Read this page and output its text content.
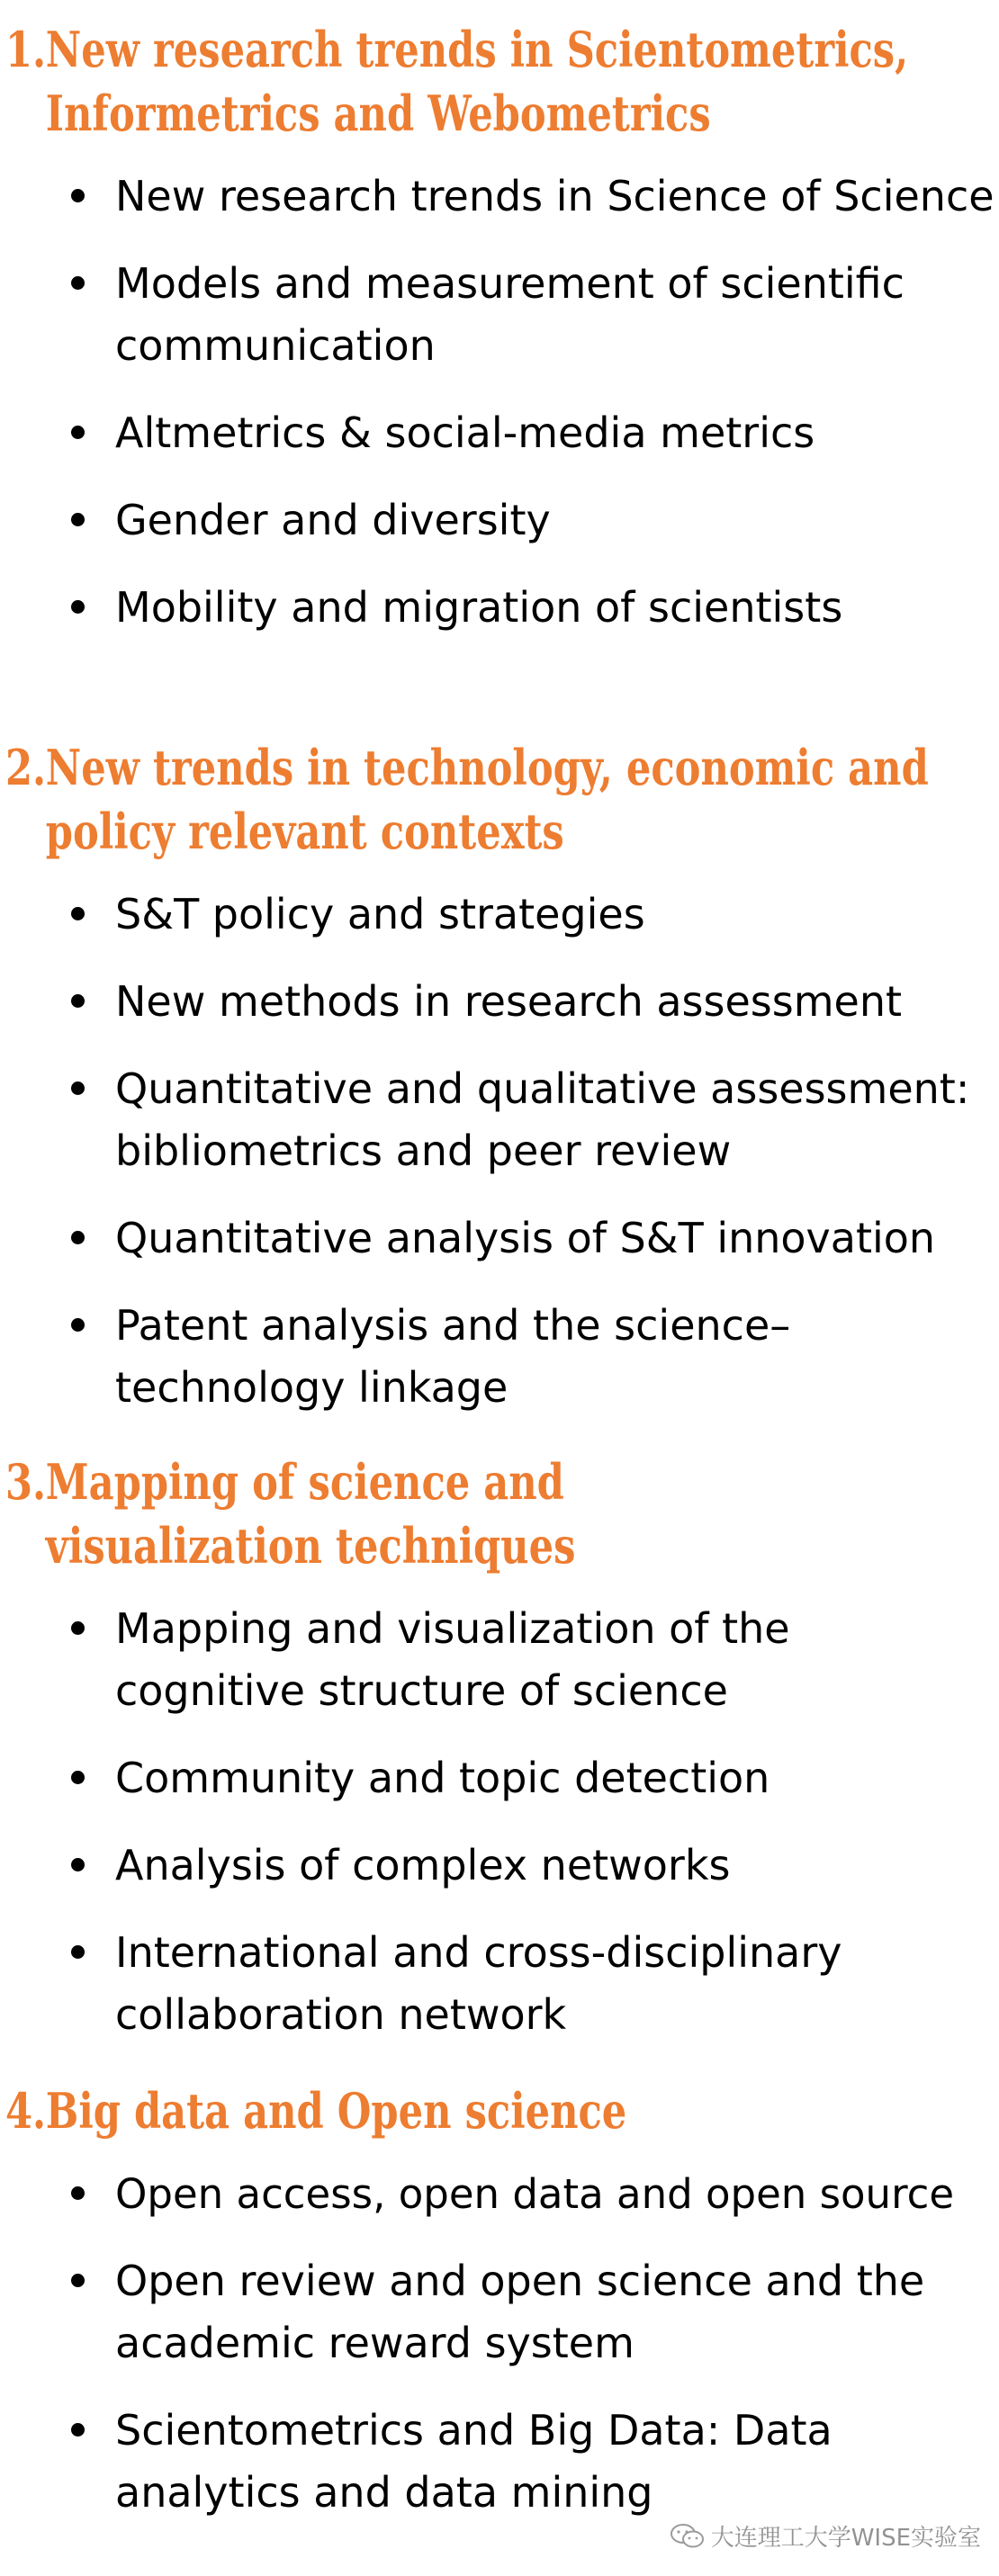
1. New research trends in Scientometrics, Informetrics and Webometrics
New research trends in Science of Science
Models and measurement of scientific communication
Altmetrics & social-media metrics
Gender and diversity
Mobility and migration of scientists
2. New trends in technology, economic and policy relevant contexts
S&T policy and strategies
New methods in research assessment
Quantitative and qualitative assessment: bibliometrics and peer review
Quantitative analysis of S&T innovation
Patent analysis and the science–technology linkage
3. Mapping of science and visualization techniques
Mapping and visualization of the cognitive structure of science
Community and topic detection
Analysis of complex networks
International and cross-disciplinary collaboration network
4. Big data and Open science
Open access, open data and open source
Open review and open science and the academic reward system
Scientometrics and Big Data: Data analytics and data mining
大连理工大学WISE实验室
